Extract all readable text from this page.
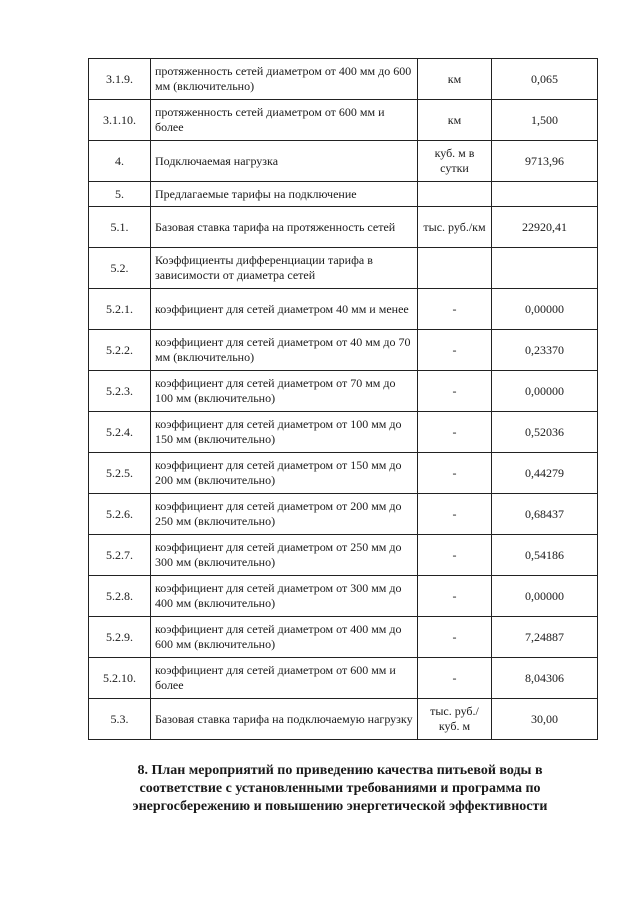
3.1.9.	протяженность сетей диаметром от 400 мм до 600 мм (включительно)	км	0,065
3.1.10.	протяженность сетей диаметром от 600 мм и более	км	1,500
4.	Подключаемая нагрузка	куб. м в сутки	9713,96
5.	Предлагаемые тарифы на подключение		
5.1.	Базовая ставка тарифа на протяженность сетей	тыс. руб./км	22920,41
5.2.	Коэффициенты дифференциации тарифа в зависимости от диаметра сетей		
5.2.1.	коэффициент для сетей диаметром 40 мм и менее	-	0,00000
5.2.2.	коэффициент для сетей диаметром от 40 мм до 70 мм (включительно)	-	0,23370
5.2.3.	коэффициент для сетей диаметром от 70 мм до 100 мм (включительно)	-	0,00000
5.2.4.	коэффициент для сетей диаметром от 100 мм до 150 мм (включительно)	-	0,52036
5.2.5.	коэффициент для сетей диаметром от 150 мм до 200 мм (включительно)	-	0,44279
5.2.6.	коэффициент для сетей диаметром от 200 мм до 250 мм (включительно)	-	0,68437
5.2.7.	коэффициент для сетей диаметром от 250 мм до 300 мм (включительно)	-	0,54186
5.2.8.	коэффициент для сетей диаметром от 300 мм до 400 мм (включительно)	-	0,00000
5.2.9.	коэффициент для сетей диаметром от 400 мм до 600 мм (включительно)	-	7,24887
5.2.10.	коэффициент для сетей диаметром от 600 мм и более	-	8,04306
5.3.	Базовая ставка тарифа на подключаемую нагрузку	тыс. руб./куб. м	30,00
8. План мероприятий по приведению качества питьевой воды в соответствие с установленными требованиями и программа по энергосбережению и повышению энергетической эффективности
